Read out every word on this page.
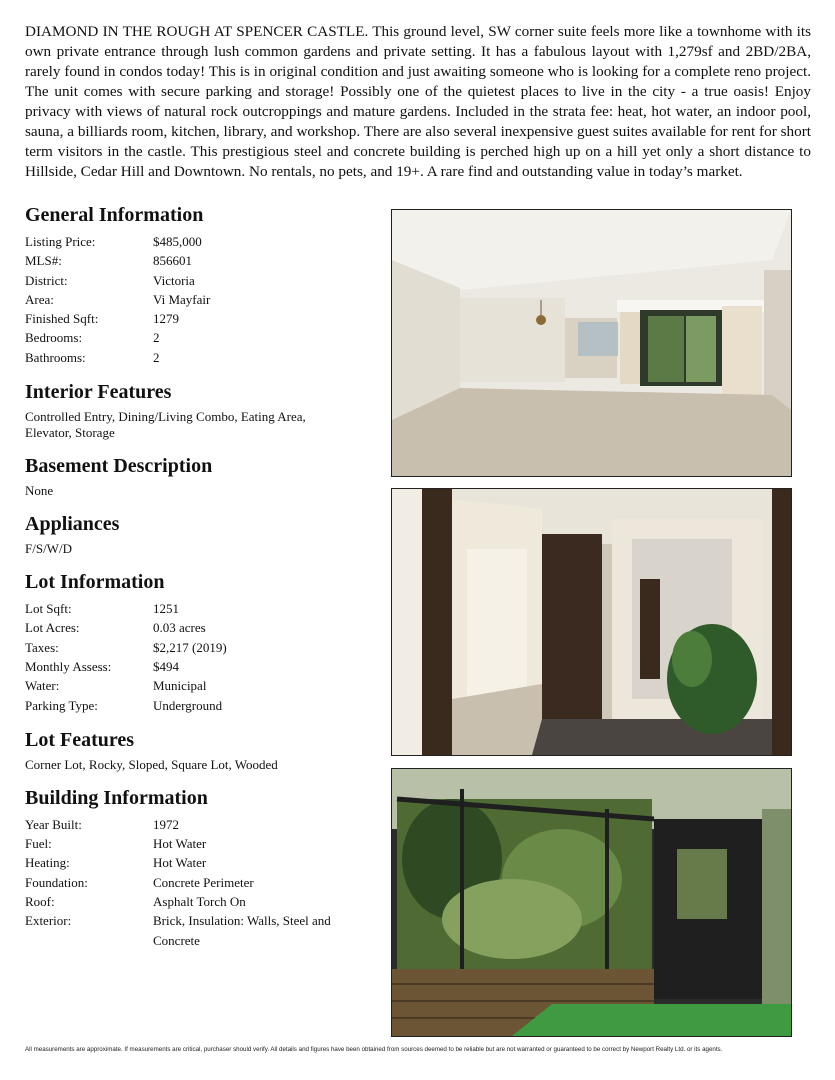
DIAMOND IN THE ROUGH AT SPENCER CASTLE. This ground level, SW corner suite feels more like a townhome with its own private entrance through lush common gardens and private setting. It has a fabulous layout with 1,279sf and 2BD/2BA, rarely found in condos today! This is in original condition and just awaiting someone who is looking for a complete reno project. The unit comes with secure parking and storage! Possibly one of the quietest places to live in the city - a true oasis! Enjoy privacy with views of natural rock outcroppings and mature gardens. Included in the strata fee: heat, hot water, an indoor pool, sauna, a billiards room, kitchen, library, and workshop. There are also several inexpensive guest suites available for rent for short term visitors in the castle. This prestigious steel and concrete building is perched high up on a hill yet only a short distance to Hillside, Cedar Hill and Downtown. No rentals, no pets, and 19+. A rare find and outstanding value in today’s market.

General Information
Listing Price:	$485,000
MLS#:	856601
District:	Victoria
Area:	Vi Mayfair
Finished Sqft:	1279
Bedrooms:	2
Bathrooms:	2
Interior Features

Controlled Entry, Dining/Living Combo, Eating Area, Elevator, Storage

Basement Description

None

Appliances

F/S/W/D

Lot Information
Lot Sqft:	1251
Lot Acres:	0.03 acres
Taxes:	$2,217 (2019)
Monthly Assess:	$494
Water:	Municipal
Parking Type:	Underground
Lot Features

Corner Lot, Rocky, Sloped, Square Lot, Wooded

Building Information
Year Built:	1972
Fuel:	Hot Water
Heating:	Hot Water
Foundation:	Concrete Perimeter
Roof:	Asphalt Torch On
Exterior:	Brick, Insulation: Walls, Steel and Concrete

All measurements are approximate. If measurements are critical, purchaser should verify. All details and figures have been obtained from sources deemed to be reliable but are not warranted or guaranteed to be correct by Newport Realty Ltd. or its agents.
